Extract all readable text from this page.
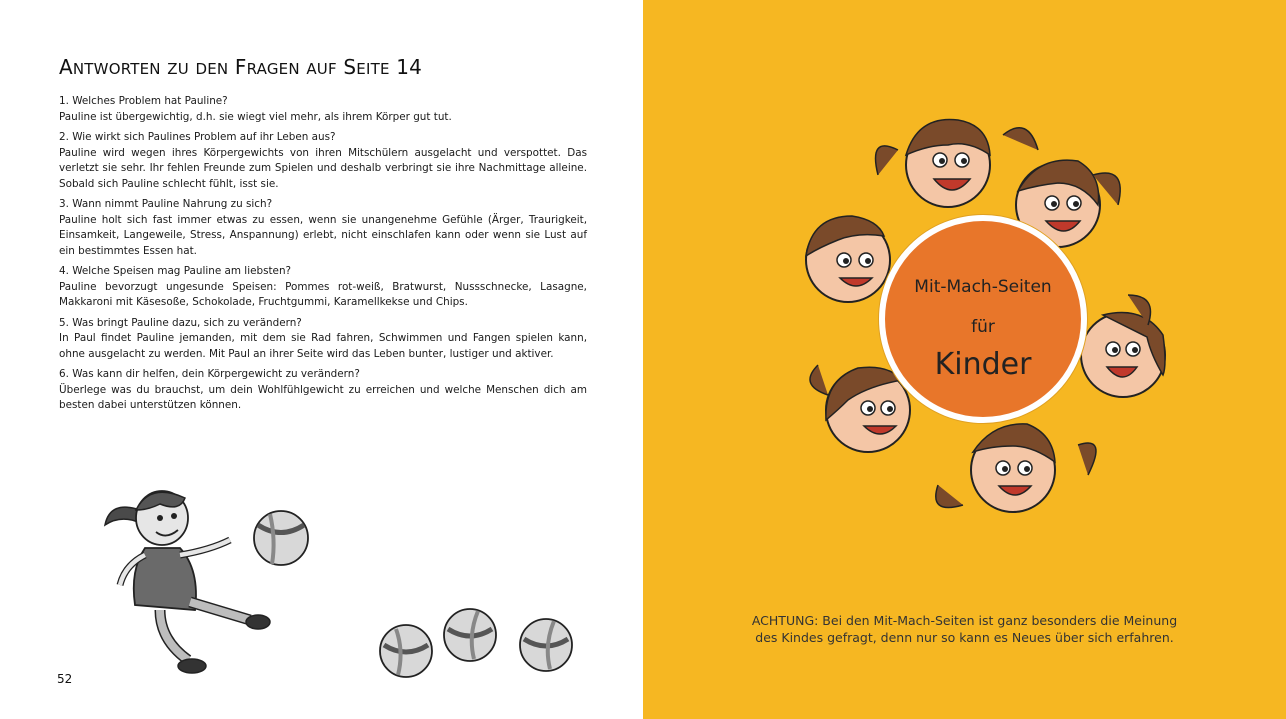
ANTWORTEN ZU DEN FRAGEN AUF SEITE 14

1. Welches Problem hat Pauline?

Pauline ist übergewichtig, d.h. sie wiegt viel mehr, als ihrem Körper gut tut.

2. Wie wirkt sich Paulines Problem auf ihr Leben aus?

Pauline wird wegen ihres Körpergewichts von ihren Mitschülern ausgelacht und verspottet. Das verletzt sie sehr. Ihr fehlen Freunde zum Spielen und deshalb verbringt sie ihre Nachmittage alleine. Sobald sich Pauline schlecht fühlt, isst sie.

3. Wann nimmt Pauline Nahrung zu sich?

Pauline holt sich fast immer etwas zu essen, wenn sie unangenehme Gefühle (Ärger, Traurigkeit, Einsamkeit, Langeweile, Stress, Anspannung) erlebt, nicht einschlafen kann oder wenn sie Lust auf ein bestimmtes Essen hat.

4. Welche Speisen mag Pauline am liebsten?

Pauline bevorzugt ungesunde Speisen: Pommes rot-weiß, Bratwurst, Nussschnecke, Lasagne, Makkaroni mit Käsesoße, Schokolade, Fruchtgummi, Karamellkekse und Chips.

5. Was bringt Pauline dazu, sich zu verändern?

In Paul findet Pauline jemanden, mit dem sie Rad fahren, Schwimmen und Fangen spielen kann, ohne ausgelacht zu werden. Mit Paul an ihrer Seite wird das Leben bunter, lustiger und aktiver.

6. Was kann dir helfen, dein Körpergewicht zu verändern?

Überlege was du brauchst, um dein Wohlfühlgewicht zu erreichen und welche Menschen dich am besten dabei unterstützen können.

52
Mit-Mach-Seiten
für
Kinder
ACHTUNG: Bei den Mit-Mach-Seiten ist ganz besonders die Meinung
des Kindes gefragt, denn nur so kann es Neues über sich erfahren.
